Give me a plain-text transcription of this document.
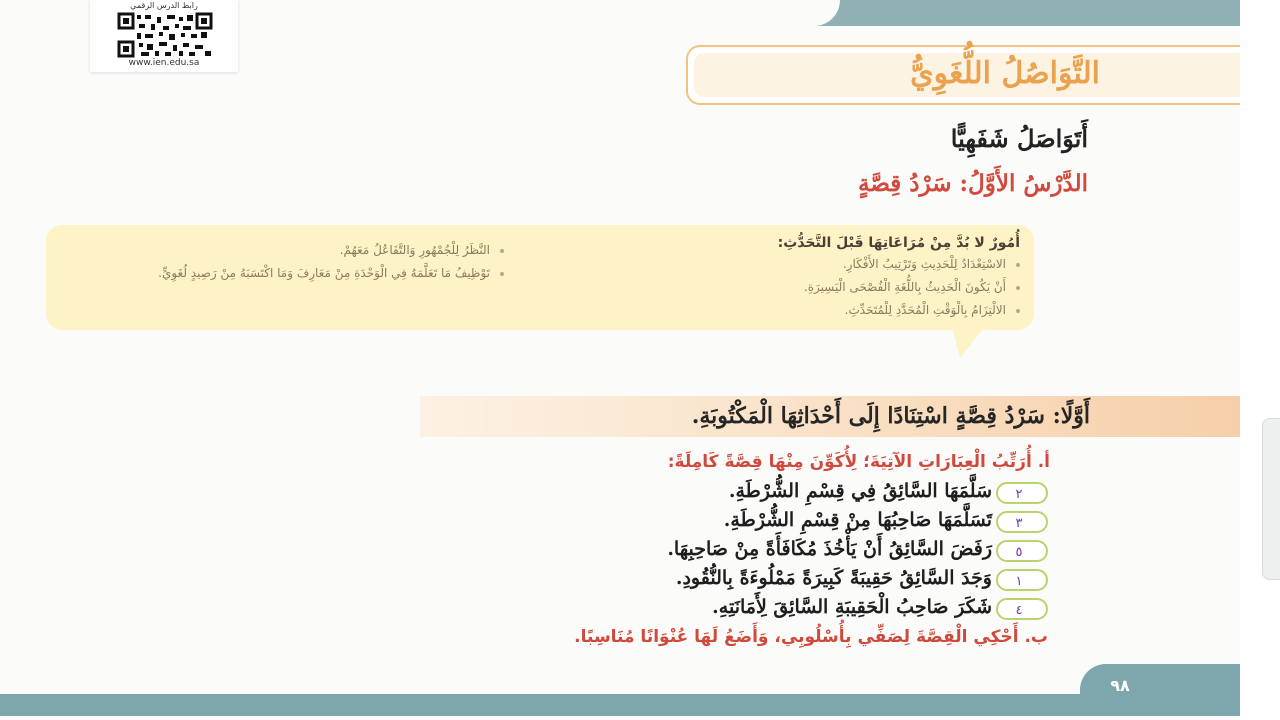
رابط الدرس الرقمي
www.ien.edu.sa	التَّوَاصُلُ اللُّغَوِيُّ
أَتَوَاصَلُ شَفَهِيًّا
الدَّرْسُ الأَوَّلُ: سَرْدُ قِصَّةٍ
أُمُورٌ لا بُدَّ مِنْ مُرَاعَاتِهَا قَبْلَ التَّحَدُّثِ:
• الاسْتِعْدَادُ لِلْحَدِيثِ وَتَرْتِيبُ الأَفْكَارِ.
• أَنْ يَكُونَ الْحَدِيثُ بِاللُّغَةِ الْفُصْحَى الْيَسِيرَةِ.
• الالْتِزَامُ بِالْوَقْتِ الْمُحَدَّدِ لِلْمُتَحَدِّثِ.
• النَّظَرُ لِلْجُمْهُورِ وَالتَّفَاعُلُ مَعَهُمْ.
• تَوْظِيفُ مَا تَعَلَّمَهُ فِي الْوَحْدَةِ مِنْ مَعَارِفَ وَمَا اكْتَسَبَهُ مِنْ رَصِيدٍ لُغَوِيٍّ.
أَوَّلًا: سَرْدُ قِصَّةٍ اسْتِنَادًا إِلَى أَحْدَاثِهَا الْمَكْتُوبَةِ.
أ. أُرَتِّبُ الْعِبَارَاتِ الآتِيَةَ؛ لِأُكَوِّنَ مِنْهَا قِصَّةً كَامِلَةً:
٢
سَلَّمَهَا السَّائِقُ فِي قِسْمِ الشُّرْطَةِ.
٣
تَسَلَّمَهَا صَاحِبُهَا مِنْ قِسْمِ الشُّرْطَةِ.
٥
رَفَضَ السَّائِقُ أَنْ يَأْخُذَ مُكَافَأَةً مِنْ صَاحِبِهَا.
١
وَجَدَ السَّائِقُ حَقِيبَةً كَبِيرَةً مَمْلُوءَةً بِالنُّقُودِ.
٤
شَكَرَ صَاحِبُ الْحَقِيبَةِ السَّائِقَ لِأَمَانَتِهِ.
ب. أَحْكِي الْقِصَّةَ لِصَفِّي بِأُسْلُوبِي، وَأَضَعُ لَهَا عُنْوَانًا مُنَاسِبًا.
٩٨
